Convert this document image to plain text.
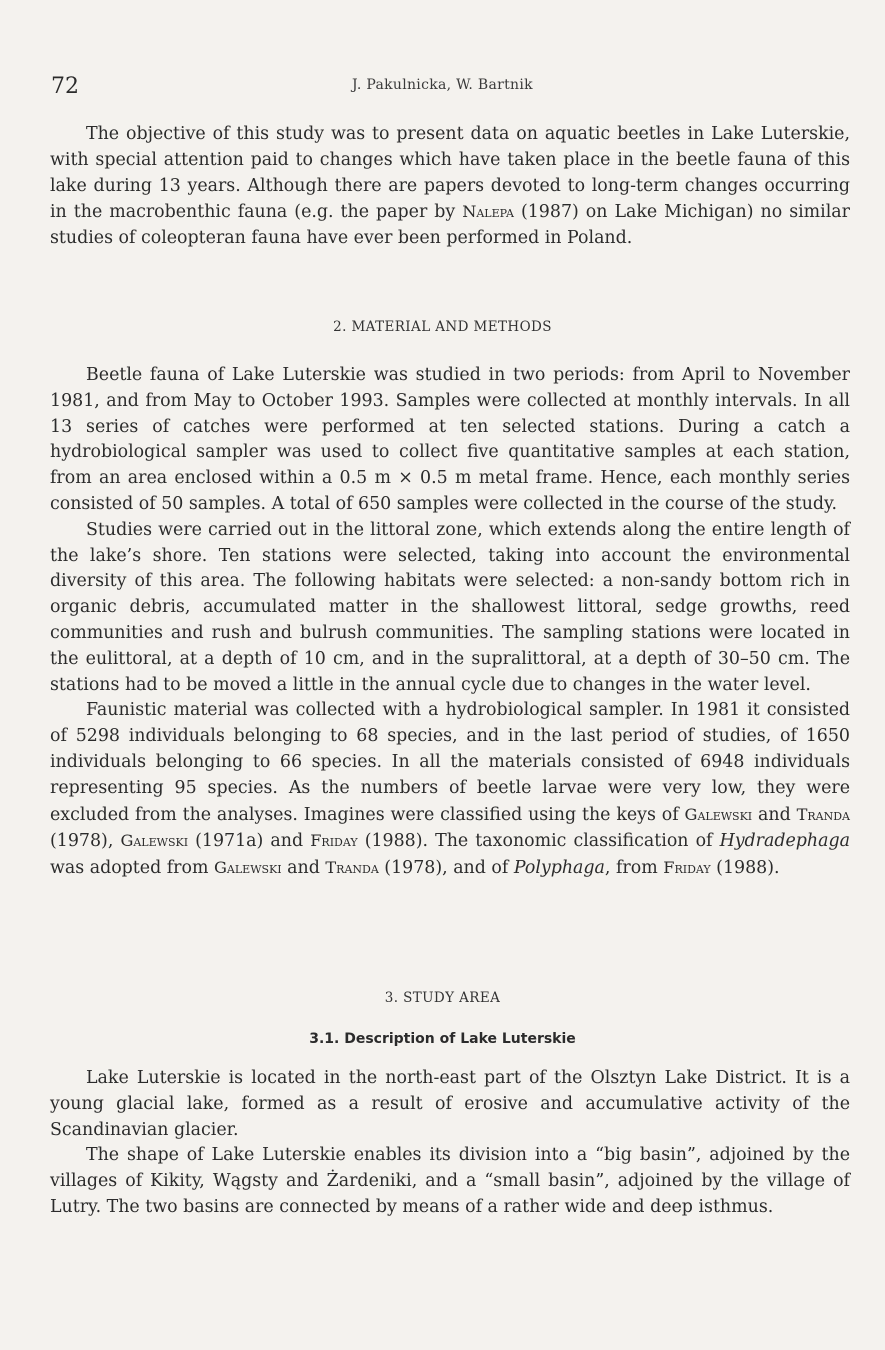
72	J. Pakulnicka, W. Bartnik

The objective of this study was to present data on aquatic beetles in Lake Luterskie, with special attention paid to changes which have taken place in the beetle fauna of this lake during 13 years. Although there are papers devoted to long-term changes occurring in the macrobenthic fauna (e.g. the paper by Nalepa (1987) on Lake Michigan) no similar studies of coleopteran fauna have ever been performed in Poland.

2. MATERIAL AND METHODS

Beetle fauna of Lake Luterskie was studied in two periods: from April to November 1981, and from May to October 1993. Samples were collected at monthly intervals. In all 13 series of catches were performed at ten selected stations. During a catch a hydrobiological sampler was used to collect five quantitative samples at each station, from an area enclosed within a 0.5 m × 0.5 m metal frame. Hence, each monthly series consisted of 50 samples. A total of 650 samples were collected in the course of the study.

Studies were carried out in the littoral zone, which extends along the entire length of the lake’s shore. Ten stations were selected, taking into account the environmental diversity of this area. The following habitats were selected: a non-sandy bottom rich in organic debris, accumulated matter in the shallowest littoral, sedge growths, reed communities and rush and bulrush communities. The sampling stations were located in the eulittoral, at a depth of 10 cm, and in the supralittoral, at a depth of 30–50 cm. The stations had to be moved a little in the annual cycle due to changes in the water level.

Faunistic material was collected with a hydrobiological sampler. In 1981 it consisted of 5298 individuals belonging to 68 species, and in the last period of studies, of 1650 individuals belonging to 66 species. In all the materials consisted of 6948 individuals representing 95 species. As the numbers of beetle larvae were very low, they were excluded from the analyses. Imagines were classified using the keys of Galewski and Tranda (1978), Galewski (1971a) and Friday (1988). The taxonomic classification of Hydradephaga was adopted from Galewski and Tranda (1978), and of Polyphaga, from Friday (1988).

3. STUDY AREA
3.1. Description of Lake Luterskie

Lake Luterskie is located in the north-east part of the Olsztyn Lake District. It is a young glacial lake, formed as a result of erosive and accumulative activity of the Scandinavian glacier.

The shape of Lake Luterskie enables its division into a “big basin”, adjoined by the villages of Kikity, Wągsty and Żardeniki, and a “small basin”, adjoined by the village of Lutry. The two basins are connected by means of a rather wide and deep isthmus.
